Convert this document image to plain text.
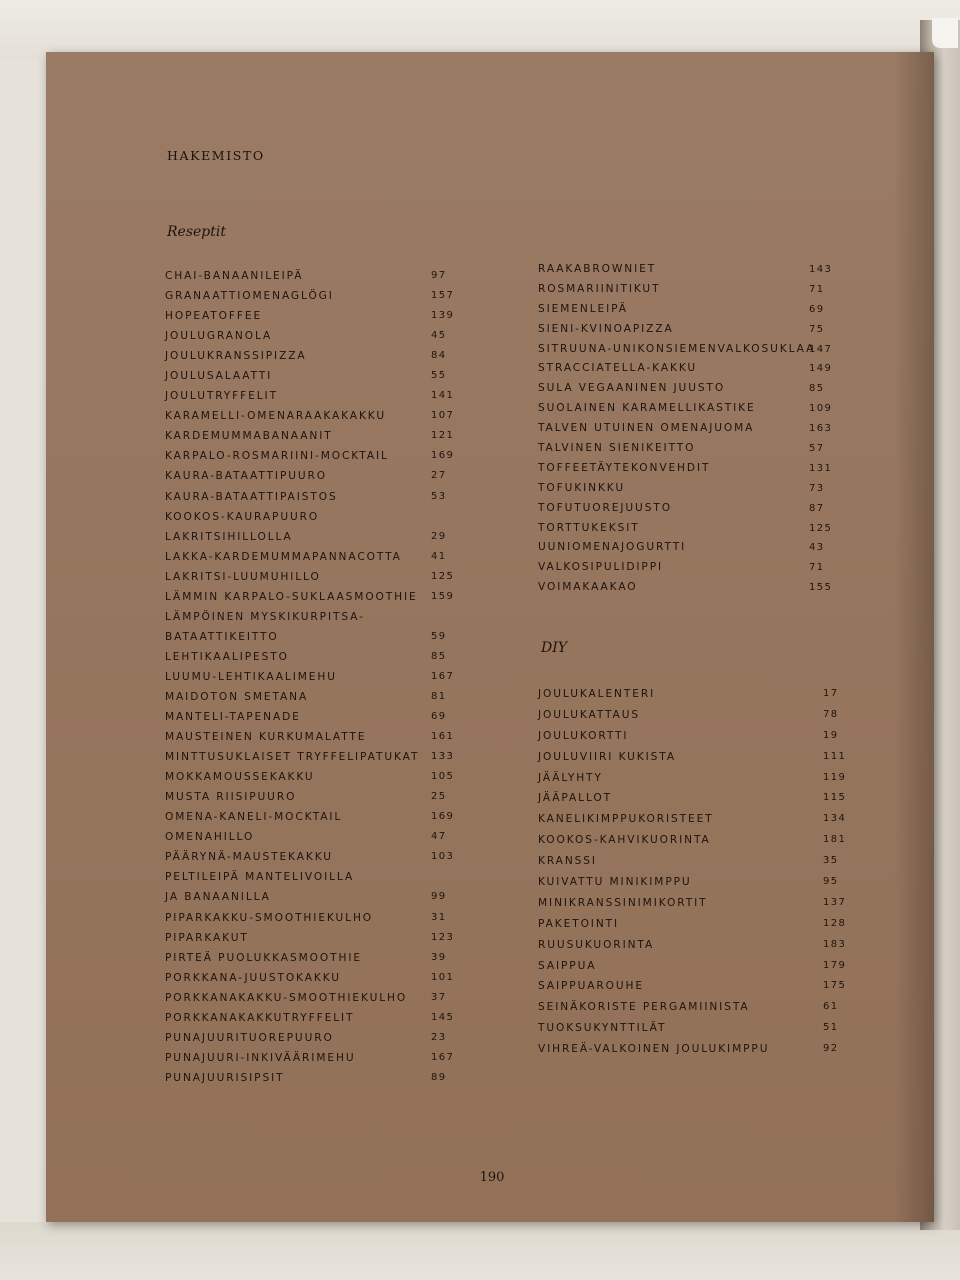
HAKEMISTO
Reseptit
CHAI-BANAANILEIPÄ	97
GRANAATTIOMENAGLÖGI	157
HOPEATOFFEE	139
JOULUGRANOLA	45
JOULUKRANSSIPIZZA	84
JOULUSALAATTI	55
JOULUTRYFFELIT	141
KARAMELLI-OMENARAAKAKAKKU	107
KARDEMUMMABANAANIT	121
KARPALO-ROSMARIINI-MOCKTAIL	169
KAURA-BATAATTIPUURO	27
KAURA-BATAATTIPAISTOS	53
KOOKOS-KAURAPUURO
LAKRITSIHILLOLLA	29
LAKKA-KARDEMUMMAPANNACOTTA	41
LAKRITSI-LUUMUHILLO	125
LÄMMIN KARPALO-SUKLAASMOOTHIE 159
LÄMPÖINEN MYSKIKURPITSA-
BATAATTIKEITTO	59
LEHTIKAALIPESTO	85
LUUMU-LEHTIKAALIMEHU	167
MAIDOTON SMETANA	81
MANTELI-TAPENADE	69
MAUSTEINEN KURKUMALATTE	161
MINTTUSUKLAISET TRYFFELIPATUKAT 133
MOKKAMOUSSEKAKKU	105
MUSTA RIISIPUURO	25
OMENA-KANELI-MOCKTAIL	169
OMENAHILLO	47
PÄÄRYNÄ-MAUSTEKAKKU	103
PELTILEIPÄ MANTELIVOILLA
JA BANAANILLA	99
PIPARKAKKU-SMOOTHIEKULHO	31
PIPARKAKUT	123
PIRTEÄ PUOLUKKASMOOTHIE	39
PORKKANA-JUUSTOKAKKU	101
PORKKANAKAKKU-SMOOTHIEKULHO 37
PORKKANAKAKKUTRYFFELIT	145
PUNAJUURITUOREPUURO	23
PUNAJUURI-INKIVÄÄRIMEHU	167
PUNAJUURISIPSIT	89
RAAKABROWNIET	143
ROSMARIINITIKUT	71
SIEMENLEIPÄ	69
SIENI-KVINOAPIZZA	75
SITRUUNA-UNIKONSIEMENVALKOSUKLAA
147
STRACCIATELLA-KAKKU	149
SULA VEGAANINEN JUUSTO	85
SUOLAINEN KARAMELLIKASTIKE	109
TALVEN UTUINEN OMENAJUOMA	163
TALVINEN SIENIKEITTO	57
TOFFEETÄYTEKONVEHDIT	131
TOFUKINKKU	73
TOFUTUOREJUUSTO	87
TORTTUKEKSIT	125
UUNIOMENAJOGURTTI	43
VALKOSIPULIDIPPI	71
VOIMAKAAKAO	155
DIY
JOULUKALENTERI	17
JOULUKATTAUS	78
JOULUKORTTI	19
JOULUVIIRI KUKISTA	111
JÄÄLYHTY	119
JÄÄPALLOT	115
KANELIKIMPPUKORISTEET	134
KOOKOS-KAHVIKUORINTA	181
KRANSSI	35
KUIVATTU MINIKIMPPU	95
MINIKRANSSINIMIKORTIT	137
PAKETOINTI	128
RUUSUKUORINTA	183
SAIPPUA	179
SAIPPUAROUHE	175
SEINÄKORISTE PERGAMIINISTA	61
TUOKSUKYNTTILÄT	51
VIHREÄ-VALKOINEN JOULUKIMPPU	92
190
